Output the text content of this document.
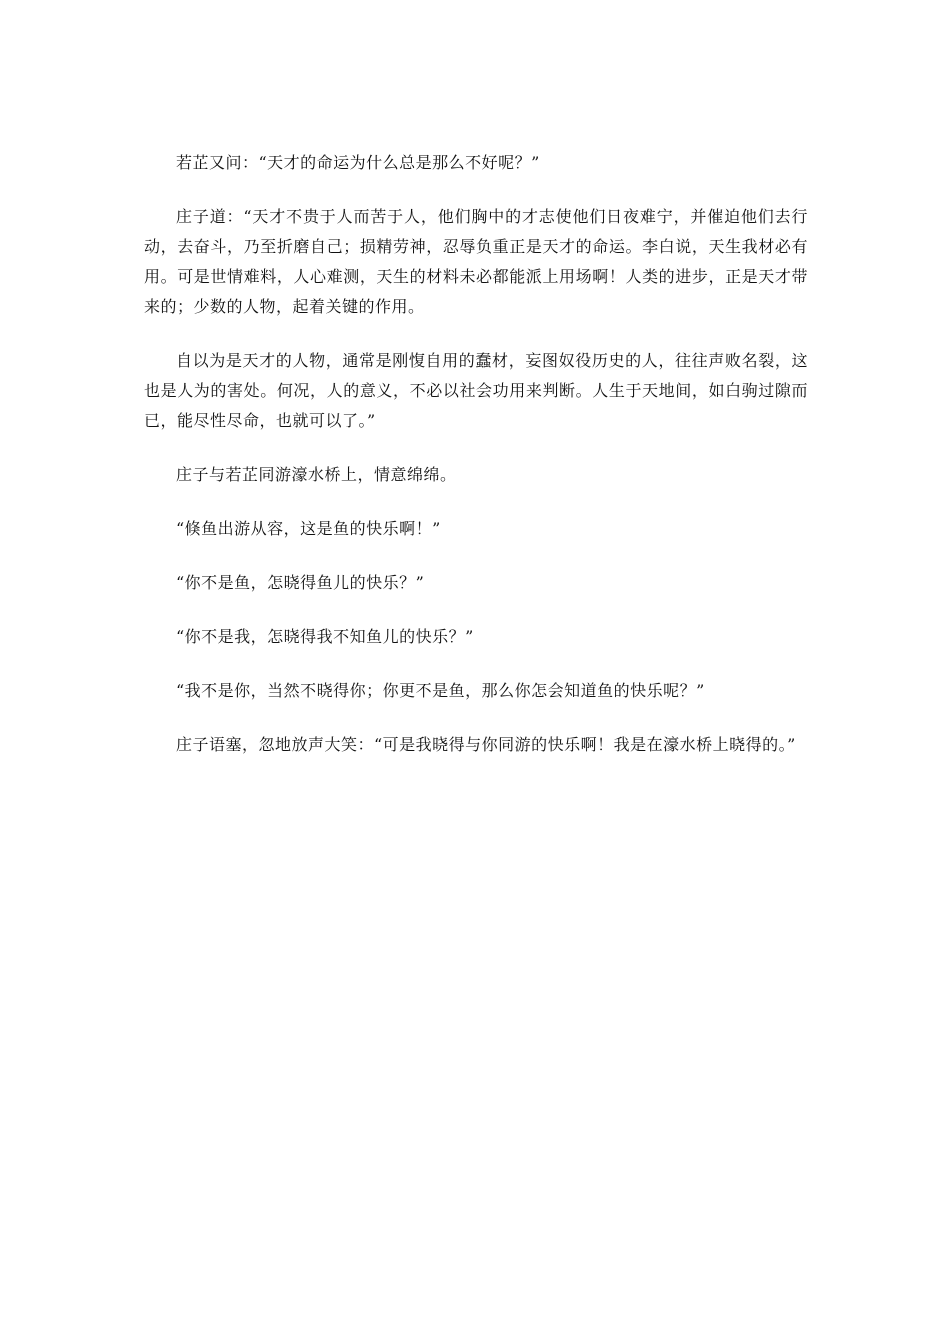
若芷又问：“天才的命运为什么总是那么不好呢？”

庄子道：“天才不贵于人而苦于人，他们胸中的才志使他们日夜难宁，并催迫他们去行动，去奋斗，乃至折磨自己；损精劳神，忍辱负重正是天才的命运。李白说，天生我材必有用。可是世情难料，人心难测，天生的材料未必都能派上用场啊！人类的进步，正是天才带来的；少数的人物，起着关键的作用。

自以为是天才的人物，通常是刚愎自用的蠢材，妄图奴役历史的人，往往声败名裂，这也是人为的害处。何况，人的意义，不必以社会功用来判断。人生于天地间，如白驹过隙而已，能尽性尽命，也就可以了。”

庄子与若芷同游濠水桥上，情意绵绵。

“倏鱼出游从容，这是鱼的快乐啊！”

“你不是鱼，怎晓得鱼儿的快乐？”

“你不是我，怎晓得我不知鱼儿的快乐？”

“我不是你，当然不晓得你；你更不是鱼，那么你怎会知道鱼的快乐呢？”

庄子语塞，忽地放声大笑：“可是我晓得与你同游的快乐啊！我是在濠水桥上晓得的。”
